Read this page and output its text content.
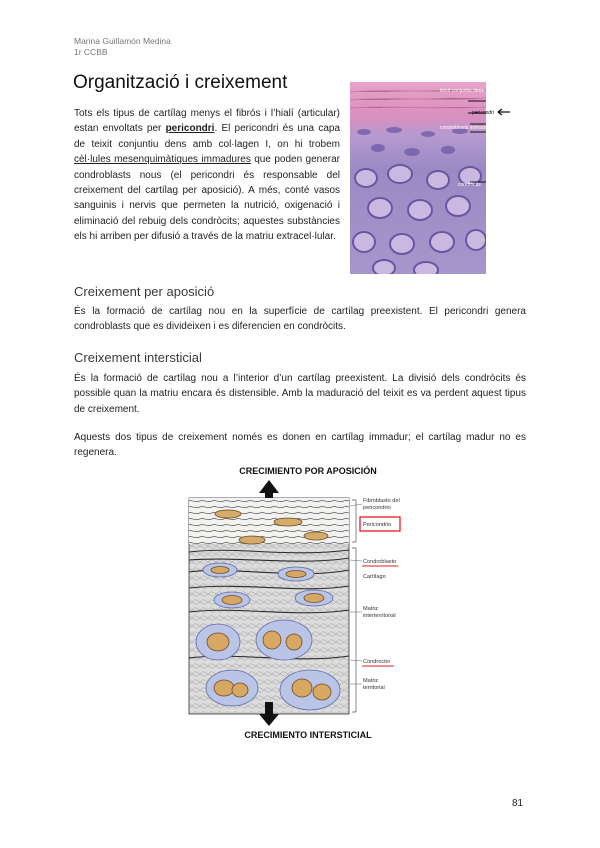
Marina Guillamón Medina
1r CCBB
Organització i creixement

Tots els tipus de cartílag menys el fibrós i l’hialí (articular) estan envoltats per pericondri. El pericondri és una capa de teixit conjuntiu dens amb col·lagen I, on hi trobem cèl·lules mesenquimàtiques immadures que poden generar condroblasts nous (el pericondri és responsable del creixement del cartílag per aposició). A més, conté vasos sanguinis i nervis que permeten la nutrició, oxigenació i eliminació del rebuig dels condròcits; aquestes substàncies els hi arriben per difusió a través de la matriu extracel·lular.

teixit conjuntiu dens
pericondri
condroblasts immadurs
condròcits
Creixement per aposició

És la formació de cartílag nou en la superfície de cartílag preexistent. El pericondri genera condroblasts que es divideixen i es diferencien en condròcits.

Creixement intersticial

És la formació de cartílag nou a l’interior d’un cartílag preexistent. La divisió dels condròcits és possible quan la matriu encara és distensible. Amb la maduració del teixit es va perdent aquest tipus de creixement.

Aquests dos tipus de creixement només es donen en cartílag immadur; el cartílag madur no es regenera.

CRECIMIENTO POR APOSICIÓN
Fibroblasto del pericondrio
Pericondrio
Condroblasto
Cartílago
Matriz interterritorial
Condrocito
Matriz territorial
CRECIMIENTO INTERSTICIAL
81
